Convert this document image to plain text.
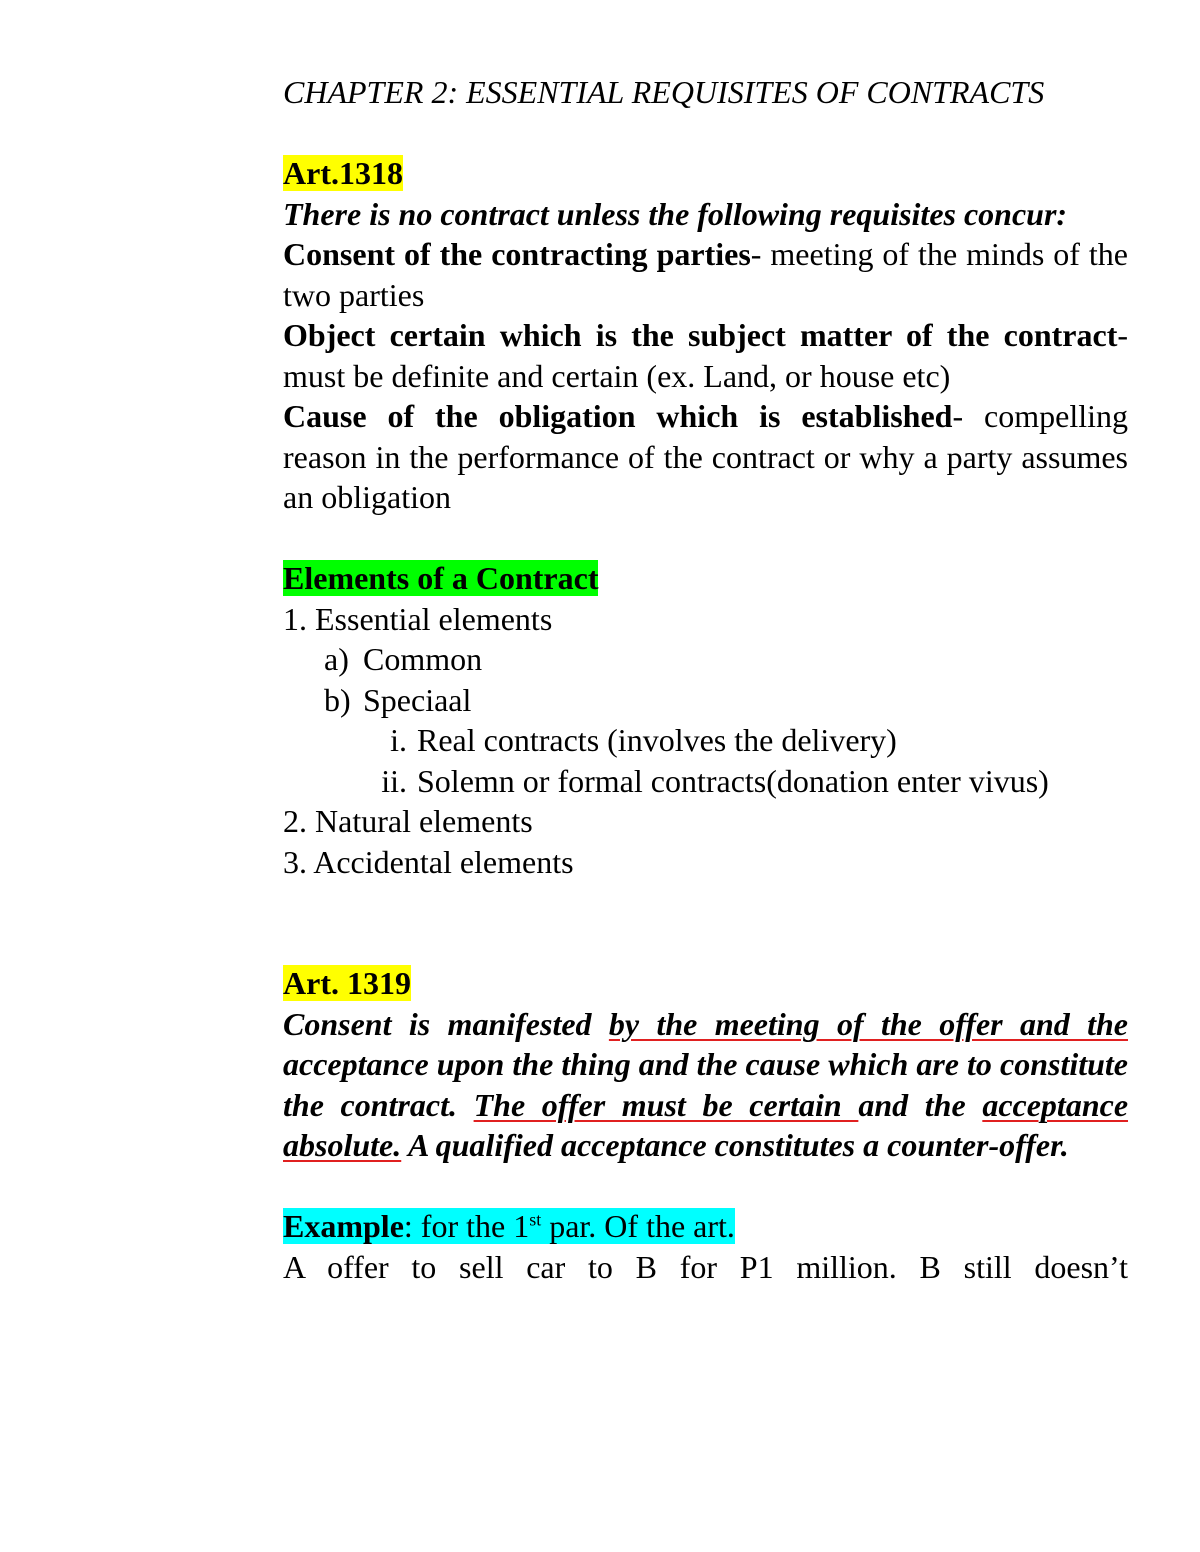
CHAPTER 2: ESSENTIAL REQUISITES OF CONTRACTS

Art.1318

There is no contract unless the following requisites concur:

Consent of the contracting parties- meeting of the minds of the two parties

Object certain which is the subject matter of the contract- must be definite and certain (ex. Land, or house etc)

Cause of the obligation which is established- compelling reason in the performance of the contract or why a party assumes an obligation

Elements of a Contract

1. Essential elements
a) Common
b) Speciaal
i. Real contracts (involves the delivery)
ii. Solemn or formal contracts(donation enter vivus)
2. Natural elements
3. Accidental elements

Art. 1319

Consent is manifested by the meeting of the offer and the acceptance upon the thing and the cause which are to constitute the contract. The offer must be certain and the acceptance absolute. A qualified acceptance constitutes a counter-offer.

Example: for the 1st par. Of the art.

A offer to sell car to B for P1 million. B still doesn’t
